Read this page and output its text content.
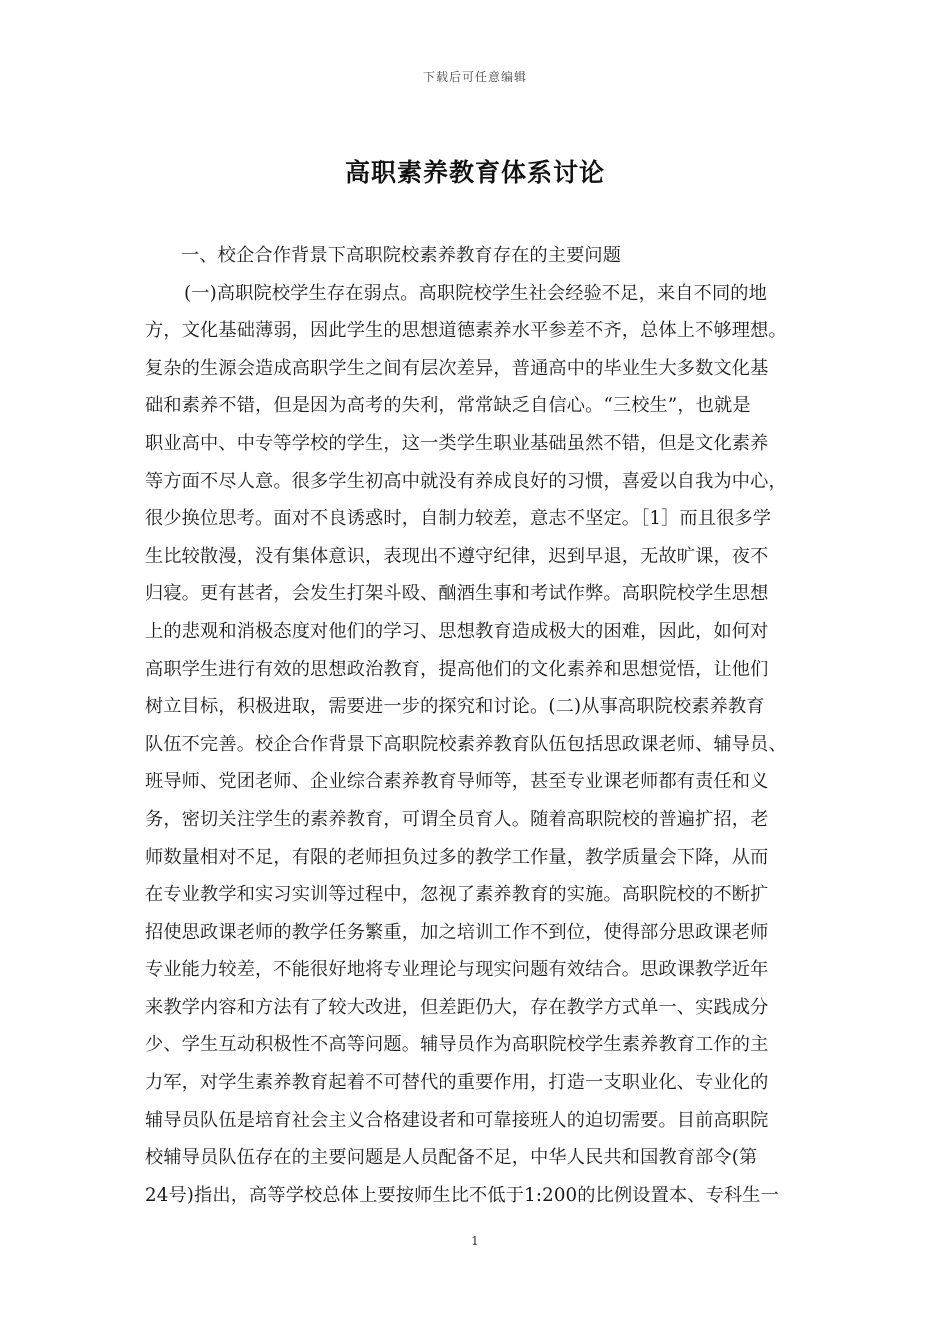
下载后可任意编辑
高职素养教育体系讨论
一、校企合作背景下高职院校素养教育存在的主要问题
(一)高职院校学生存在弱点。高职院校学生社会经验不足，来自不同的地
方，文化基础薄弱，因此学生的思想道德素养水平参差不齐，总体上不够理想。
复杂的生源会造成高职学生之间有层次差异，普通高中的毕业生大多数文化基
础和素养不错，但是因为高考的失利，常常缺乏自信心。“三校生”，也就是
职业高中、中专等学校的学生，这一类学生职业基础虽然不错，但是文化素养
等方面不尽人意。很多学生初高中就没有养成良好的习惯，喜爱以自我为中心，
很少换位思考。面对不良诱惑时，自制力较差，意志不坚定。［1］而且很多学
生比较散漫，没有集体意识，表现出不遵守纪律，迟到早退，无故旷课，夜不
归寝。更有甚者，会发生打架斗殴、酗酒生事和考试作弊。高职院校学生思想
上的悲观和消极态度对他们的学习、思想教育造成极大的困难，因此，如何对
高职学生进行有效的思想政治教育，提高他们的文化素养和思想觉悟，让他们
树立目标，积极进取，需要进一步的探究和讨论。(二)从事高职院校素养教育
队伍不完善。校企合作背景下高职院校素养教育队伍包括思政课老师、辅导员、
班导师、党团老师、企业综合素养教育导师等，甚至专业课老师都有责任和义
务，密切关注学生的素养教育，可谓全员育人。随着高职院校的普遍扩招，老
师数量相对不足，有限的老师担负过多的教学工作量，教学质量会下降，从而
在专业教学和实习实训等过程中，忽视了素养教育的实施。高职院校的不断扩
招使思政课老师的教学任务繁重，加之培训工作不到位，使得部分思政课老师
专业能力较差，不能很好地将专业理论与现实问题有效结合。思政课教学近年
来教学内容和方法有了较大改进，但差距仍大，存在教学方式单一、实践成分
少、学生互动积极性不高等问题。辅导员作为高职院校学生素养教育工作的主
力军，对学生素养教育起着不可替代的重要作用，打造一支职业化、专业化的
辅导员队伍是培育社会主义合格建设者和可靠接班人的迫切需要。目前高职院
校辅导员队伍存在的主要问题是人员配备不足，中华人民共和国教育部令(第
24号)指出，高等学校总体上要按师生比不低于1:200的比例设置本、专科生一
1
